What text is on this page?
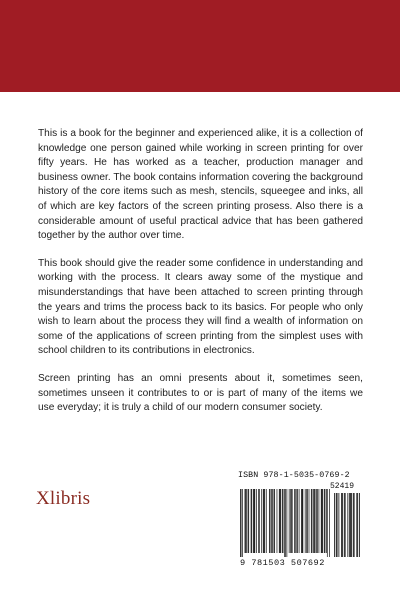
This is a book for the beginner and experienced alike, it is a collection of knowledge one person gained while working in screen printing for over fifty years. He has worked as a teacher, production manager and business owner. The book contains information covering the background history of the core items such as mesh, stencils, squeegee and inks, all of which are key factors of the screen printing prosess. Also there is a considerable amount of useful practical advice that has been gathered together by the author over time.

This book should give the reader some confidence in understanding and working with the process. It clears away some of the mystique and misunderstandings that have been attached to screen printing through the years and trims the process back to its basics. For people who only wish to learn about the process they will find a wealth of information on some of the applications of screen printing from the simplest uses with school children to its contributions in electronics.

Screen printing has an omni presents about it, sometimes seen, sometimes unseen it contributes to or is part of many of the items we use everyday; it is truly a child of our modern consumer society.

Xlibris
ISBN 978-1-5035-0769-2
52419
9 781503 507692
